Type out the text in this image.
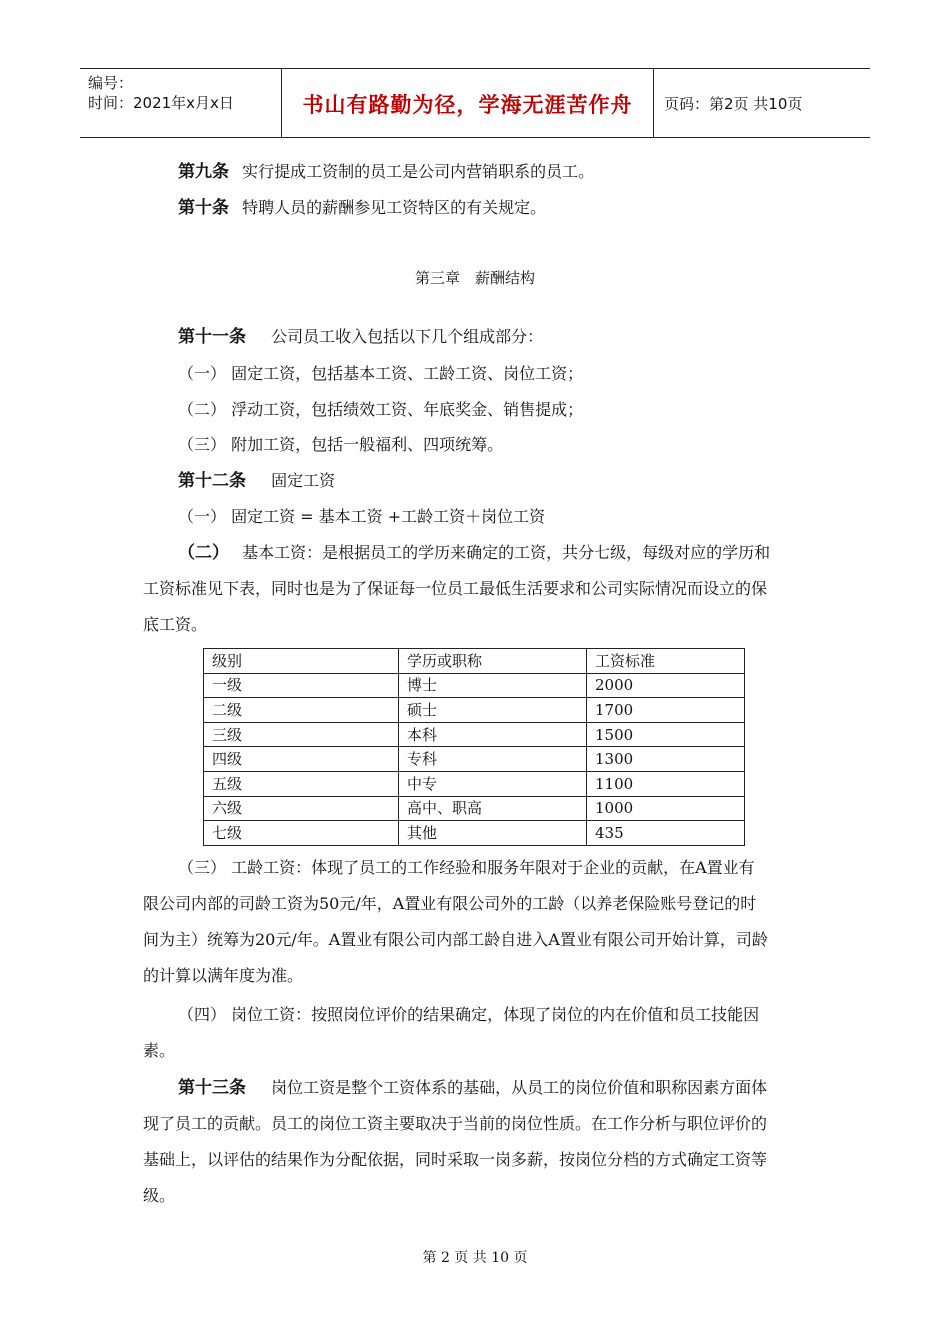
编号：
时间：2021年x月x日	书山有路勤为径，学海无涯苦作舟	页码：第2页 共10页
第九条 实行提成工资制的员工是公司内营销职系的员工。
第十条 特聘人员的薪酬参见工资特区的有关规定。
第三章　薪酬结构
第十一条 公司员工收入包括以下几个组成部分：
（一） 固定工资，包括基本工资、工龄工资、岗位工资；
（二） 浮动工资，包括绩效工资、年底奖金、销售提成；
（三） 附加工资，包括一般福利、四项统筹。
第十二条 固定工资
（一） 固定工资 = 基本工资 +工龄工资＋岗位工资
（二） 基本工资：是根据员工的学历来确定的工资，共分七级，每级对应的学历和
工资标准见下表，同时也是为了保证每一位员工最低生活要求和公司实际情况而设立的保
底工资。
级别	学历或职称	工资标准
一级	博士	2000
二级	硕士	1700
三级	本科	1500
四级	专科	1300
五级	中专	1100
六级	高中、职高	1000
七级	其他	435
（三） 工龄工资：体现了员工的工作经验和服务年限对于企业的贡献，在A置业有
限公司内部的司龄工资为50元/年，A置业有限公司外的工龄（以养老保险账号登记的时
间为主）统筹为20元/年。A置业有限公司内部工龄自进入A置业有限公司开始计算，司龄
的计算以满年度为准。
（四） 岗位工资：按照岗位评价的结果确定，体现了岗位的内在价值和员工技能因
素。
第十三条 岗位工资是整个工资体系的基础，从员工的岗位价值和职称因素方面体
现了员工的贡献。员工的岗位工资主要取决于当前的岗位性质。在工作分析与职位评价的
基础上，以评估的结果作为分配依据，同时采取一岗多薪，按岗位分档的方式确定工资等
级。
第 2 页 共 10 页
